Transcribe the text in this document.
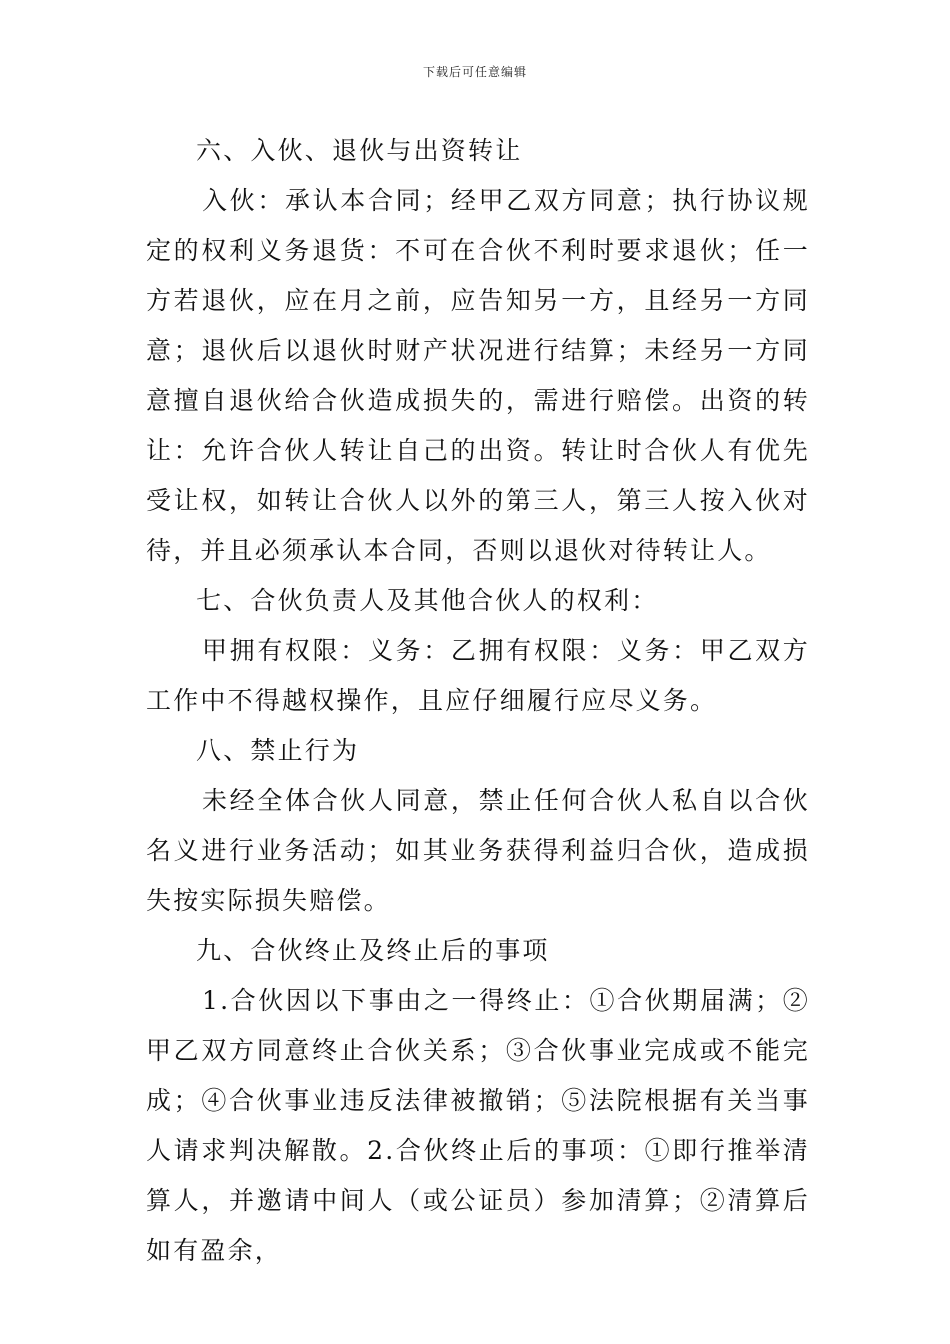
下载后可任意编辑

六、入伙、退伙与出资转让

入伙：承认本合同；经甲乙双方同意；执行协议规定的权利义务退货：不可在合伙不利时要求退伙；任一方若退伙，应在月之前，应告知另一方，且经另一方同意；退伙后以退伙时财产状况进行结算；未经另一方同意擅自退伙给合伙造成损失的，需进行赔偿。出资的转让：允许合伙人转让自己的出资。转让时合伙人有优先受让权，如转让合伙人以外的第三人，第三人按入伙对待，并且必须承认本合同，否则以退伙对待转让人。

七、合伙负责人及其他合伙人的权利：

甲拥有权限：义务：乙拥有权限：义务：甲乙双方工作中不得越权操作，且应仔细履行应尽义务。

八、禁止行为

未经全体合伙人同意，禁止任何合伙人私自以合伙名义进行业务活动；如其业务获得利益归合伙，造成损失按实际损失赔偿。

九、合伙终止及终止后的事项

1.合伙因以下事由之一得终止：①合伙期届满；②甲乙双方同意终止合伙关系；③合伙事业完成或不能完成；④合伙事业违反法律被撤销；⑤法院根据有关当事人请求判决解散。2.合伙终止后的事项：①即行推举清算人，并邀请中间人（或公证员）参加清算；②清算后如有盈余，
